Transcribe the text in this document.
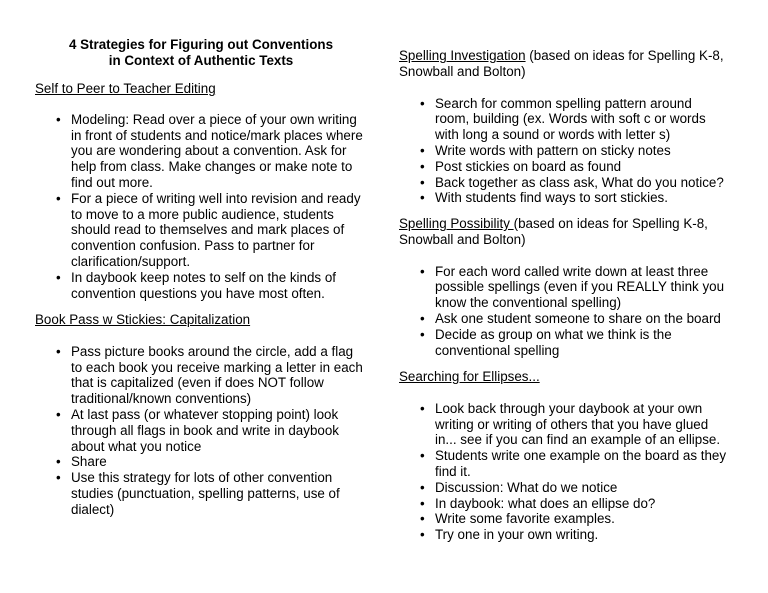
4 Strategies for Figuring out Conventions
in Context of Authentic Texts

Self to Peer to Teacher Editing

• Modeling: Read over a piece of your own writing
in front of students and notice/mark places where
you are wondering about a convention. Ask for
help from class. Make changes or make note to
find out more.
• For a piece of writing well into revision and ready
to move to a more public audience, students
should read to themselves and mark places of
convention confusion. Pass to partner for
clarification/support.
• In daybook keep notes to self on the kinds of
convention questions you have most often.

Book Pass w Stickies: Capitalization

• Pass picture books around the circle, add a flag
to each book you receive marking a letter in each
that is capitalized (even if does NOT follow
traditional/known conventions)
• At last pass (or whatever stopping point) look
through all flags in book and write in daybook
about what you notice
• Share
• Use this strategy for lots of other convention
studies (punctuation, spelling patterns, use of
dialect)

Spelling Investigation (based on ideas for Spelling K-8,
Snowball and Bolton)

• Search for common spelling pattern around
room, building (ex. Words with soft c or words
with long a sound or words with letter s)
• Write words with pattern on sticky notes
• Post stickies on board as found
• Back together as class ask, What do you notice?
• With students find ways to sort stickies.

Spelling Possibility (based on ideas for Spelling K-8,
Snowball and Bolton)

• For each word called write down at least three
possible spellings (even if you REALLY think you
know the conventional spelling)
• Ask one student someone to share on the board
• Decide as group on what we think is the
conventional spelling

Searching for Ellipses...

• Look back through your daybook at your own
writing or writing of others that you have glued
in... see if you can find an example of an ellipse.
• Students write one example on the board as they
find it.
• Discussion: What do we notice
• In daybook: what does an ellipse do?
• Write some favorite examples.
• Try one in your own writing.
